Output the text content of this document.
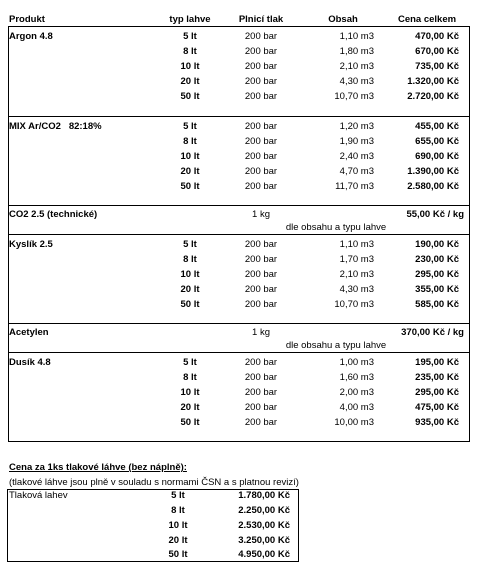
Produkt	typ lahve	Plnicí tlak	Obsah	Cena celkem
Argon 4.8	5 lt	200 bar	1,10 m3	470,00 Kč
8 lt	200 bar	1,80 m3	670,00 Kč
10 lt	200 bar	2,10 m3	735,00 Kč
20 lt	200 bar	4,30 m3	1.320,00 Kč
50 lt	200 bar	10,70 m3	2.720,00 Kč
MIX Ar/CO2   82:18%	5 lt	200 bar	1,20 m3	455,00 Kč
8 lt	200 bar	1,90 m3	655,00 Kč
10 lt	200 bar	2,40 m3	690,00 Kč
20 lt	200 bar	4,70 m3	1.390,00 Kč
50 lt	200 bar	11,70 m3	2.580,00 Kč
CO2 2.5 (technické)	1 kg	55,00 Kč / kg
dle obsahu a typu lahve
Kyslík 2.5	5 lt	200 bar	1,10 m3	190,00 Kč
8 lt	200 bar	1,70 m3	230,00 Kč
10 lt	200 bar	2,10 m3	295,00 Kč
20 lt	200 bar	4,30 m3	355,00 Kč
50 lt	200 bar	10,70 m3	585,00 Kč
Acetylen	1 kg	370,00 Kč / kg
dle obsahu a typu lahve
Dusík 4.8	5 lt	200 bar	1,00 m3	195,00 Kč
8 lt	200 bar	1,60 m3	235,00 Kč
10 lt	200 bar	2,00 m3	295,00 Kč
20 lt	200 bar	4,00 m3	475,00 Kč
50 lt	200 bar	10,00 m3	935,00 Kč
Cena za 1ks tlakové láhve (bez náplně):
(tlakové láhve jsou plně v souladu s normami ČSN a s platnou revizí)
Tlaková lahev	5 lt	1.780,00 Kč
8 lt	2.250,00 Kč
10 lt	2.530,00 Kč
20 lt	3.250,00 Kč
50 lt	4.950,00 Kč
